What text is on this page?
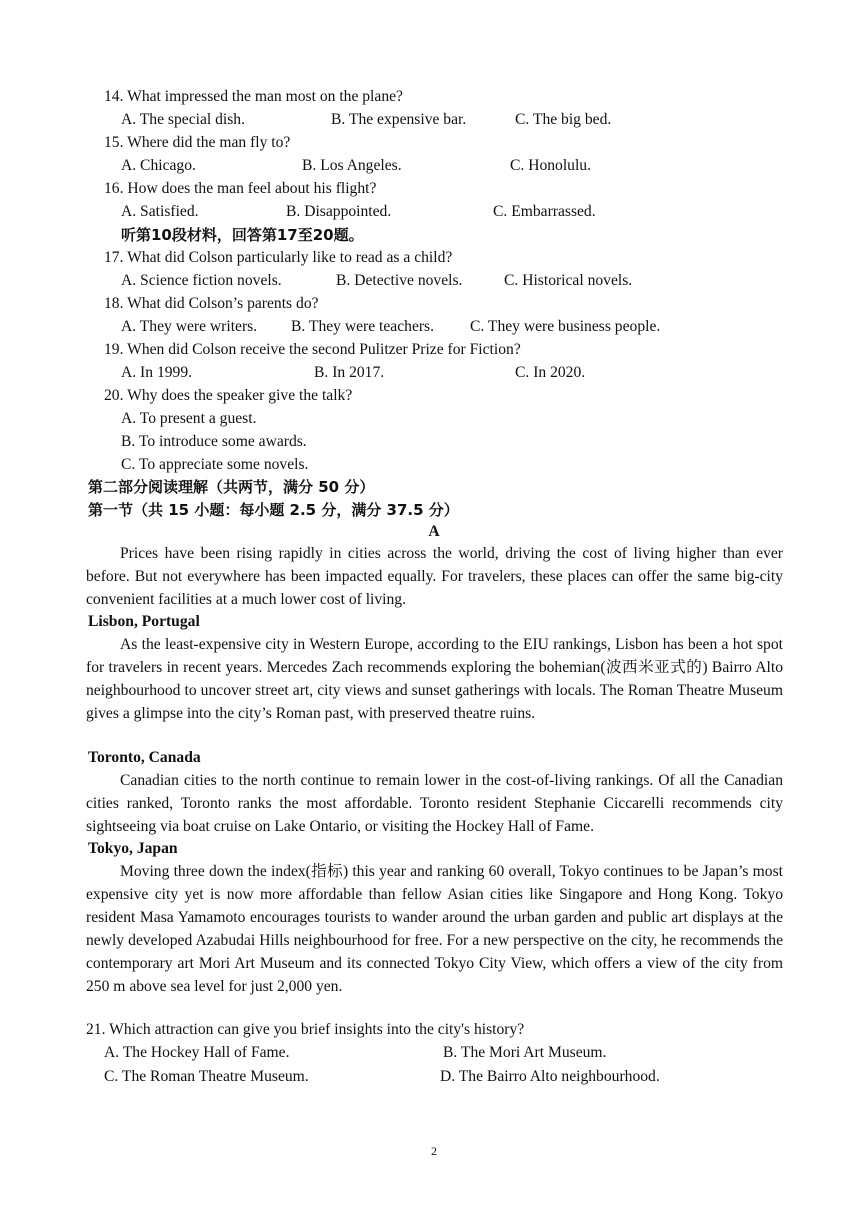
14. What impressed the man most on the plane?
A. The special dish.	B. The expensive bar.	C. The big bed.
15. Where did the man fly to?
A. Chicago.	B. Los Angeles.	C. Honolulu.
16. How does the man feel about his flight?
A. Satisfied.	B. Disappointed.	C. Embarrassed.
听第10段材料，回答第17至20题。
17. What did Colson particularly like to read as a child?
A. Science fiction novels.	B. Detective novels.	C. Historical novels.
18. What did Colson’s parents do?
A. They were writers. B. They were teachers. C. They were business people.
19. When did Colson receive the second Pulitzer Prize for Fiction?
A. In 1999.	B. In 2017.	C. In 2020.
20. Why does the speaker give the talk?
A. To present a guest.
B. To introduce some awards.
C. To appreciate some novels.
第二部分阅读理解（共两节，满分 50 分）
第一节（共 15 小题：每小题 2.5 分，满分 37.5 分）
A
Prices have been rising rapidly in cities across the world, driving the cost of living higher than ever before. But not everywhere has been impacted equally. For travelers, these places can offer the same big-city convenient facilities at a much lower cost of living.
Lisbon, Portugal
As the least-expensive city in Western Europe, according to the EIU rankings, Lisbon has been a hot spot for travelers in recent years. Mercedes Zach recommends exploring the bohemian(波西米亚式的) Bairro Alto neighbourhood to uncover street art, city views and sunset gatherings with locals. The Roman Theatre Museum gives a glimpse into the city’s Roman past, with preserved theatre ruins.
Toronto, Canada
Canadian cities to the north continue to remain lower in the cost-of-living rankings. Of all the Canadian cities ranked, Toronto ranks the most affordable. Toronto resident Stephanie Ciccarelli recommends city sightseeing via boat cruise on Lake Ontario, or visiting the Hockey Hall of Fame.
Tokyo, Japan
Moving three down the index(指标) this year and ranking 60 overall, Tokyo continues to be Japan’s most expensive city yet is now more affordable than fellow Asian cities like Singapore and Hong Kong. Tokyo resident Masa Yamamoto encourages tourists to wander around the urban garden and public art displays at the newly developed Azabudai Hills neighbourhood for free. For a new perspective on the city, he recommends the contemporary art Mori Art Museum and its connected Tokyo City View, which offers a view of the city from 250 m above sea level for just 2,000 yen.
21. Which attraction can give you brief insights into the city's history?
A. The Hockey Hall of Fame.	B. The Mori Art Museum.
C. The Roman Theatre Museum.	D. The Bairro Alto neighbourhood.
2
